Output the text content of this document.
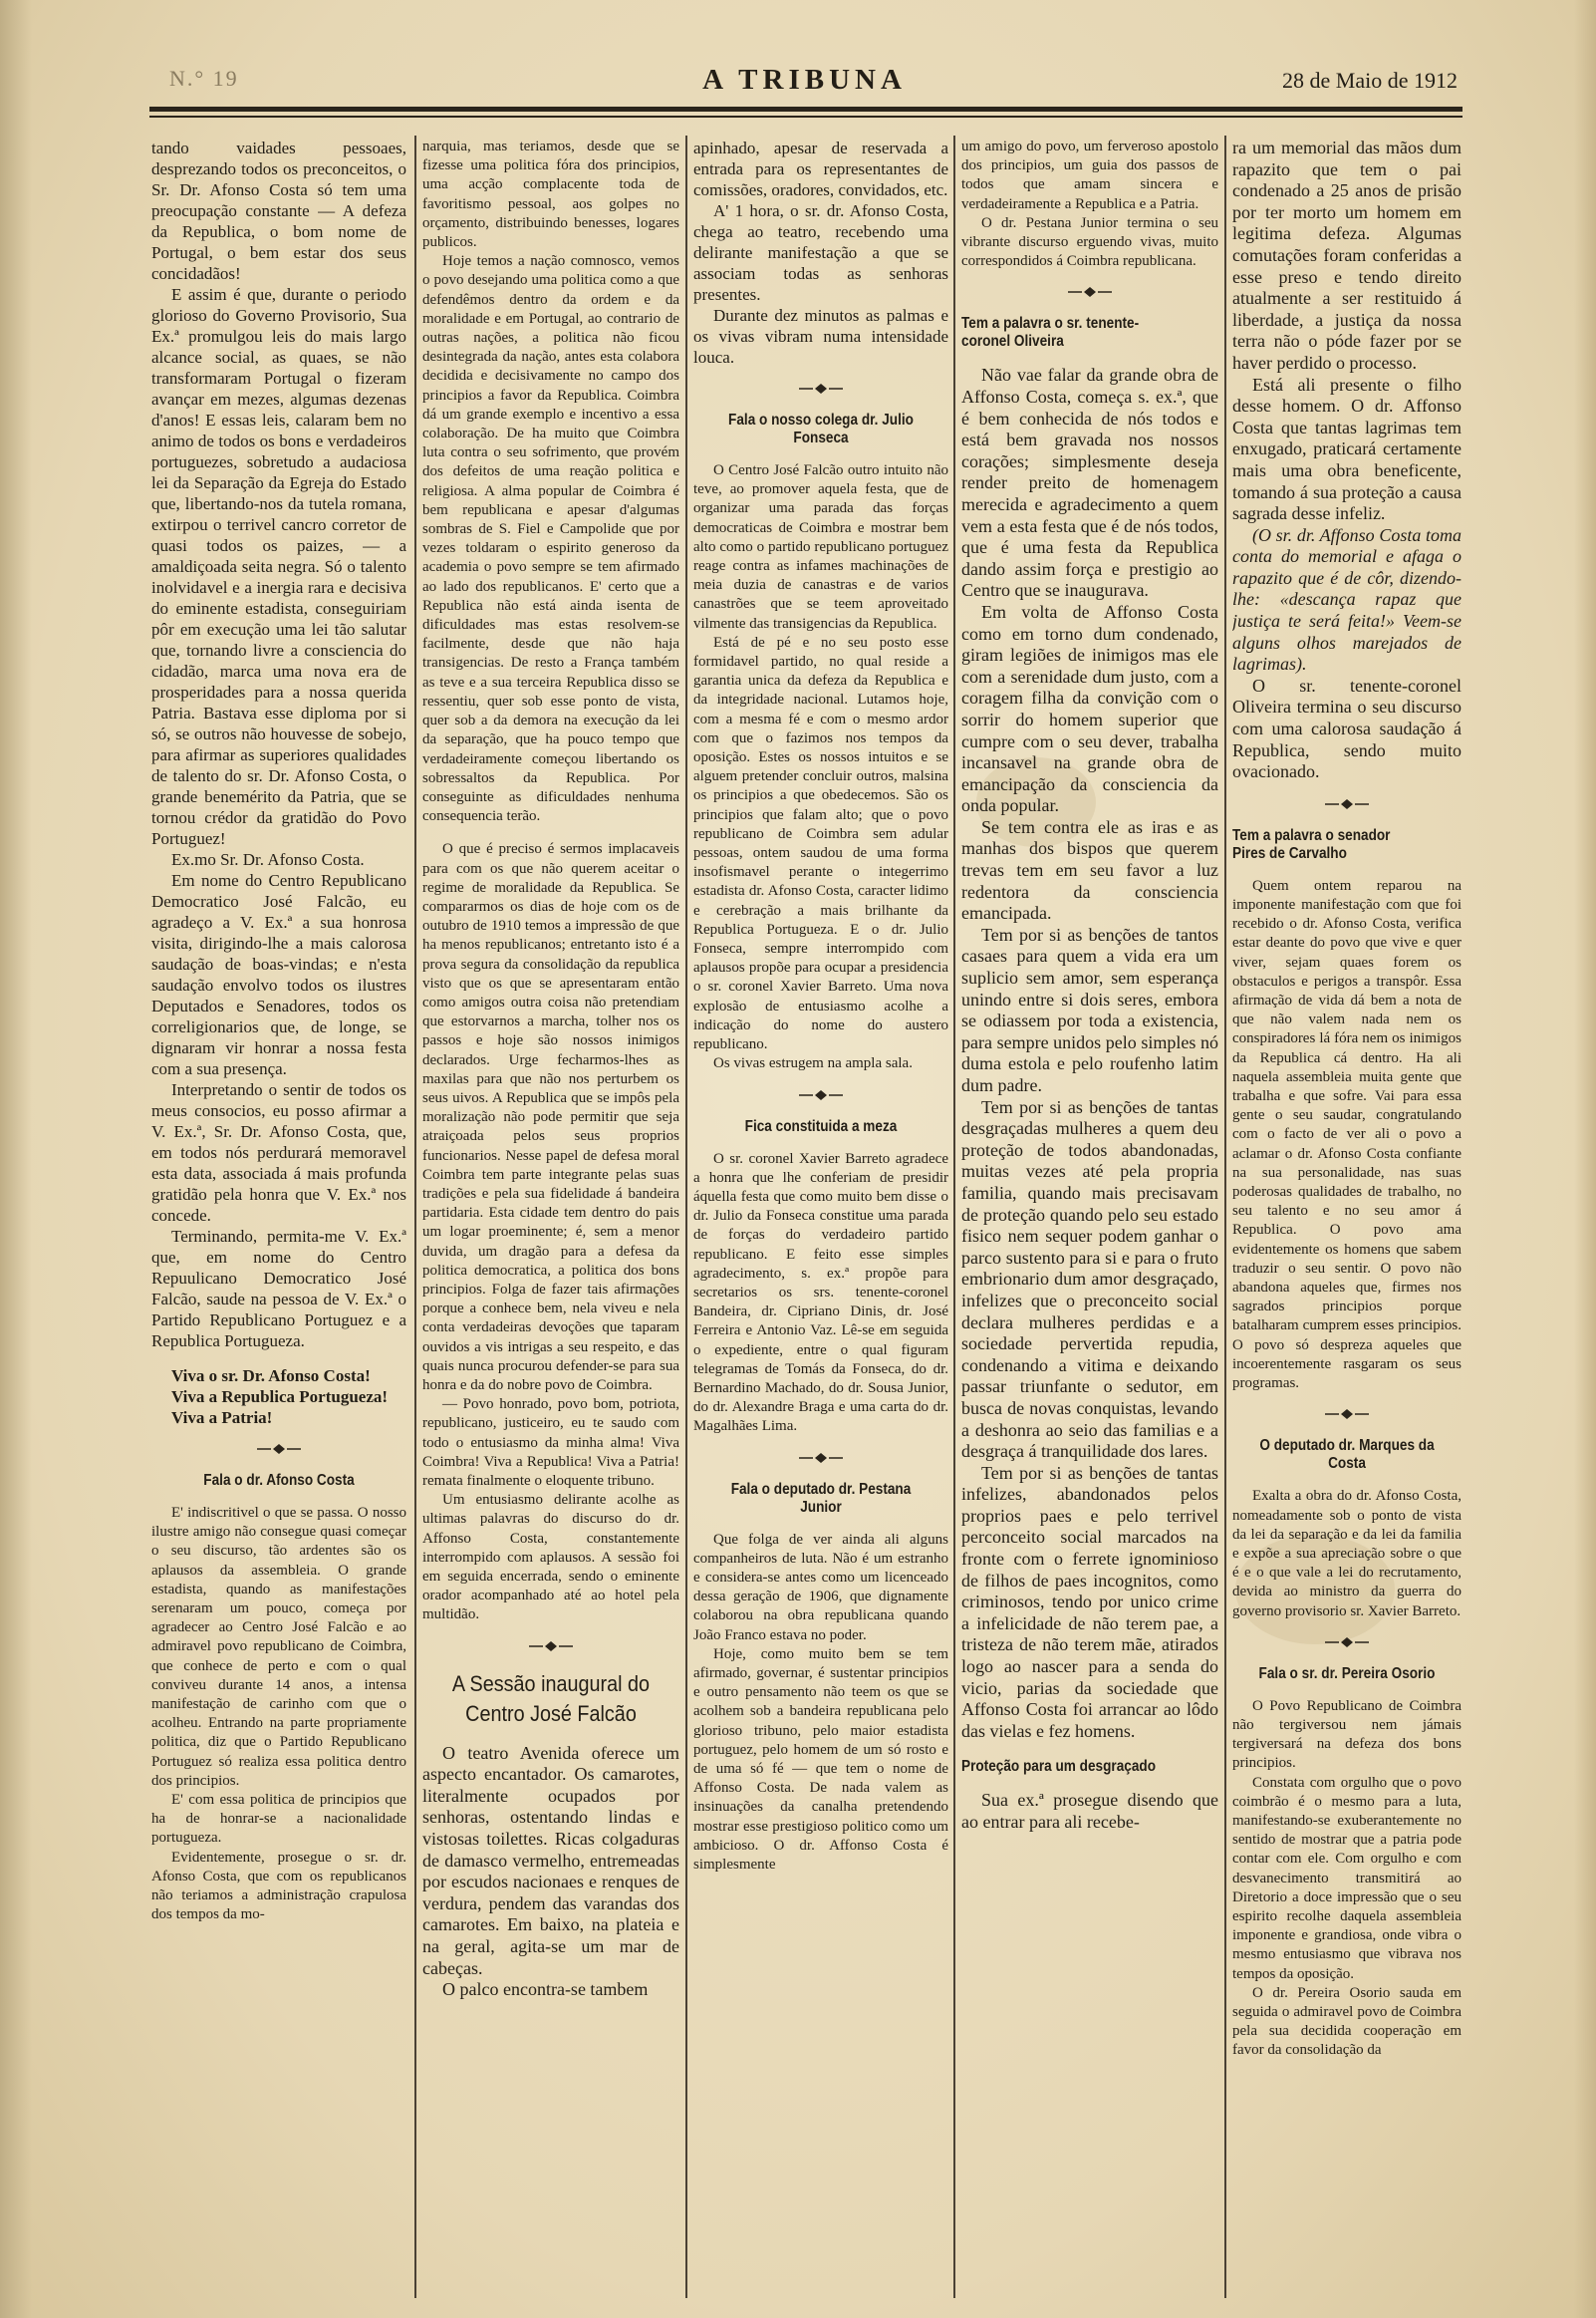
N.° 19	A TRIBUNA	28 de Maio de 1912

tando vaidades pessoaes, desprezando todos os preconceitos, o Sr. Dr. Afonso Costa só tem uma preocupação constante — A defeza da Republica, o bom nome de Portugal, o bem estar dos seus concidadãos!

E assim é que, durante o periodo glorioso do Governo Provisorio, Sua Ex.ª promulgou leis do mais largo alcance social, as quaes, se não transformaram Portugal o fizeram avançar em mezes, algumas dezenas d'anos! E essas leis, calaram bem no animo de todos os bons e verdadeiros portuguezes, sobretudo a audaciosa lei da Separação da Egreja do Estado que, libertando-nos da tutela romana, extirpou o terrivel cancro corretor de quasi todos os paizes, — a amaldiçoada seita negra. Só o talento inolvidavel e a inergia rara e decisiva do eminente estadista, conseguiriam pôr em execução uma lei tão salutar que, tornando livre a consciencia do cidadão, marca uma nova era de prosperidades para a nossa querida Patria. Bastava esse diploma por si só, se outros não houvesse de sobejo, para afirmar as superiores qualidades de talento do sr. Dr. Afonso Costa, o grande benemérito da Patria, que se tornou crédor da gratidão do Povo Portuguez!

Ex.mo Sr. Dr. Afonso Costa.

Em nome do Centro Republicano Democratico José Falcão, eu agradeço a V. Ex.ª a sua honrosa visita, dirigindo-lhe a mais calorosa saudação de boas-vindas; e n'esta saudação envolvo todos os ilustres Deputados e Senadores, todos os correligionarios que, de longe, se dignaram vir honrar a nossa festa com a sua presença.

Interpretando o sentir de todos os meus consocios, eu posso afirmar a V. Ex.ª, Sr. Dr. Afonso Costa, que, em todos nós perdurará memoravel esta data, associada á mais profunda gratidão pela honra que V. Ex.ª nos concede.

Terminando, permita-me V. Ex.ª que, em nome do Centro Repuulicano Democratico José Falcão, saude na pessoa de V. Ex.ª o Partido Republicano Portuguez e a Republica Portugueza.

Viva o sr. Dr. Afonso Costa!

Viva a Republica Portugueza!

Viva a Patria!

Fala o dr. Afonso Costa

E' indiscritivel o que se passa. O nosso ilustre amigo não consegue quasi começar o seu discurso, tão ardentes são os aplausos da assembleia. O grande estadista, quando as manifestações serenaram um pouco, começa por agradecer ao Centro José Falcão e ao admiravel povo republicano de Coimbra, que conhece de perto e com o qual conviveu durante 14 anos, a intensa manifestação de carinho com que o acolheu. Entrando na parte propriamente politica, diz que o Partido Republicano Portuguez só realiza essa politica dentro dos principios.

E' com essa politica de principios que ha de honrar-se a nacionalidade portugueza.

Evidentemente, prosegue o sr. dr. Afonso Costa, que com os republicanos não teriamos a administração crapulosa dos tempos da mo-

narquia, mas teriamos, desde que se fizesse uma politica fóra dos principios, uma acção complacente toda de favoritismo pessoal, aos golpes no orçamento, distribuindo benesses, logares publicos.

Hoje temos a nação comnosco, vemos o povo desejando uma politica como a que defendêmos dentro da ordem e da moralidade e em Portugal, ao contrario de outras nações, a politica não ficou desintegrada da nação, antes esta colabora decidida e decisivamente no campo dos principios a favor da Republica. Coimbra dá um grande exemplo e incentivo a essa colaboração. De ha muito que Coimbra luta contra o seu sofrimento, que provém dos defeitos de uma reação politica e religiosa. A alma popular de Coimbra é bem republicana e apesar d'algumas sombras de S. Fiel e Campolide que por vezes toldaram o espirito generoso da academia o povo sempre se tem afirmado ao lado dos republicanos. E' certo que a Republica não está ainda isenta de dificuldades mas estas resolvem-se facilmente, desde que não haja transigencias. De resto a França também as teve e a sua terceira Republica disso se ressentiu, quer sob esse ponto de vista, quer sob a da demora na execução da lei da separação, que ha pouco tempo que verdadeiramente começou libertando os sobressaltos da Republica. Por conseguinte as dificuldades nenhuma consequencia terão.

O que é preciso é sermos implacaveis para com os que não querem aceitar o regime de moralidade da Republica. Se compararmos os dias de hoje com os de outubro de 1910 temos a impressão de que ha menos republicanos; entretanto isto é a prova segura da consolidação da republica visto que os que se apresentaram então como amigos outra coisa não pretendiam que estorvarnos a marcha, tolher nos os passos e hoje são nossos inimigos declarados. Urge fecharmos-lhes as maxilas para que não nos perturbem os seus uivos. A Republica que se impôs pela moralização não pode permitir que seja atraiçoada pelos seus proprios funcionarios. Nesse papel de defesa moral Coimbra tem parte integrante pelas suas tradições e pela sua fidelidade á bandeira partidaria. Esta cidade tem dentro do pais um logar proeminente; é, sem a menor duvida, um dragão para a defesa da politica democratica, a politica dos bons principios. Folga de fazer tais afirmações porque a conhece bem, nela viveu e nela conta verdadeiras devoções que taparam ouvidos a vis intrigas a seu respeito, e das quais nunca procurou defender-se para sua honra e da do nobre povo de Coimbra.

— Povo honrado, povo bom, potriota, republicano, justiceiro, eu te saudo com todo o entusiasmo da minha alma! Viva Coimbra! Viva a Republica! Viva a Patria! remata finalmente o eloquente tribuno.

Um entusiasmo delirante acolhe as ultimas palavras do discurso do dr. Affonso Costa, constantemente interrompido com aplausos. A sessão foi em seguida encerrada, sendo o eminente orador acompanhado até ao hotel pela multidão.

A Sessão inaugural do Centro José Falcão

O teatro Avenida oferece um aspecto encantador. Os camarotes, literalmente ocupados por senhoras, ostentando lindas e vistosas toilettes. Ricas colgaduras de damasco vermelho, entremeadas por escudos nacionaes e renques de verdura, pendem das varandas dos camarotes. Em baixo, na plateia e na geral, agita-se um mar de cabeças.

O palco encontra-se tambem

apinhado, apesar de reservada a entrada para os representantes de comissões, oradores, convidados, etc.

A' 1 hora, o sr. dr. Afonso Costa, chega ao teatro, recebendo uma delirante manifestação a que se associam todas as senhoras presentes.

Durante dez minutos as palmas e os vivas vibram numa intensidade louca.

Fala o nosso colega dr. Julio Fonseca

O Centro José Falcão outro intuito não teve, ao promover aquela festa, que de organizar uma parada das forças democraticas de Coimbra e mostrar bem alto como o partido republicano portuguez reage contra as infames machinações de meia duzia de canastras e de varios canastrões que se teem aproveitado vilmente das transigencias da Republica.

Está de pé e no seu posto esse formidavel partido, no qual reside a garantia unica da defeza da Republica e da integridade nacional. Lutamos hoje, com a mesma fé e com o mesmo ardor com que o fazimos nos tempos da oposição. Estes os nossos intuitos e se alguem pretender concluir outros, malsina os principios a que obedecemos. São os principios que falam alto; que o povo republicano de Coimbra sem adular pessoas, ontem saudou de uma forma insofismavel perante o integerrimo estadista dr. Afonso Costa, caracter lidimo e cerebração a mais brilhante da Republica Portugueza. E o dr. Julio Fonseca, sempre interrompido com aplausos propõe para ocupar a presidencia o sr. coronel Xavier Barreto. Uma nova explosão de entusiasmo acolhe a indicação do nome do austero republicano.

Os vivas estrugem na ampla sala.

Fica constituida a meza

O sr. coronel Xavier Barreto agradece a honra que lhe conferiam de presidir áquella festa que como muito bem disse o dr. Julio da Fonseca constitue uma parada de forças do verdadeiro partido republicano. E feito esse simples agradecimento, s. ex.ª propõe para secretarios os srs. tenente-coronel Bandeira, dr. Cipriano Dinis, dr. José Ferreira e Antonio Vaz. Lê-se em seguida o expediente, entre o qual figuram telegramas de Tomás da Fonseca, do dr. Bernardino Machado, do dr. Sousa Junior, do dr. Alexandre Braga e uma carta do dr. Magalhães Lima.

Fala o deputado dr. Pestana Junior

Que folga de ver ainda ali alguns companheiros de luta. Não é um estranho e considera-se antes como um licenceado dessa geração de 1906, que dignamente colaborou na obra republicana quando João Franco estava no poder.

Hoje, como muito bem se tem afirmado, governar, é sustentar principios e outro pensamento não teem os que se acolhem sob a bandeira republicana pelo glorioso tribuno, pelo maior estadista portuguez, pelo homem de um só rosto e de uma só fé — que tem o nome de Affonso Costa. De nada valem as insinuações da canalha pretendendo mostrar esse prestigioso politico como um ambicioso. O dr. Affonso Costa é simplesmente

um amigo do povo, um ferveroso apostolo dos principios, um guia dos passos de todos que amam sincera e verdadeiramente a Republica e a Patria.

O dr. Pestana Junior termina o seu vibrante discurso erguendo vivas, muito correspondidos á Coimbra republicana.

Tem a palavra o sr. tenente-coronel Oliveira

Não vae falar da grande obra de Affonso Costa, começa s. ex.ª, que é bem conhecida de nós todos e está bem gravada nos nossos corações; simplesmente deseja render preito de homenagem merecida e agradecimento a quem vem a esta festa que é de nós todos, que é uma festa da Republica dando assim força e prestigio ao Centro que se inaugurava.

Em volta de Affonso Costa como em torno dum condenado, giram legiões de inimigos mas ele com a serenidade dum justo, com a coragem filha da convição com o sorrir do homem superior que cumpre com o seu dever, trabalha incansavel na grande obra de emancipação da consciencia da onda popular.

Se tem contra ele as iras e as manhas dos bispos que querem trevas tem em seu favor a luz redentora da consciencia emancipada.

Tem por si as benções de tantos casaes para quem a vida era um suplicio sem amor, sem esperança unindo entre si dois seres, embora se odiassem por toda a existencia, para sempre unidos pelo simples nó duma estola e pelo roufenho latim dum padre.

Tem por si as benções de tantas desgraçadas mulheres a quem deu proteção de todos abandonadas, muitas vezes até pela propria familia, quando mais precisavam de proteção quando pelo seu estado fisico nem sequer podem ganhar o parco sustento para si e para o fruto embrionario dum amor desgraçado, infelizes que o preconceito social declara mulheres perdidas e a sociedade pervertida repudia, condenando a vitima e deixando passar triunfante o sedutor, em busca de novas conquistas, levando a deshonra ao seio das familias e a desgraça á tranquilidade dos lares.

Tem por si as benções de tantas infelizes, abandonados pelos proprios paes e pelo terrivel perconceito social marcados na fronte com o ferrete ignominioso de filhos de paes incognitos, como criminosos, tendo por unico crime a infelicidade de não terem pae, a tristeza de não terem mãe, atirados logo ao nascer para a senda do vicio, parias da sociedade que Affonso Costa foi arrancar ao lôdo das vielas e fez homens.

Proteção para um desgraçado

Sua ex.ª prosegue disendo que ao entrar para ali recebe-

ra um memorial das mãos dum rapazito que tem o pai condenado a 25 anos de prisão por ter morto um homem em legitima defeza. Algumas comutações foram conferidas a esse preso e tendo direito atualmente a ser restituido á liberdade, a justiça da nossa terra não o póde fazer por se haver perdido o processo.

Está ali presente o filho desse homem. O dr. Affonso Costa que tantas lagrimas tem enxugado, praticará certamente mais uma obra beneficente, tomando á sua proteção a causa sagrada desse infeliz.

(O sr. dr. Affonso Costa toma conta do memorial e afaga o rapazito que é de côr, dizendo-lhe: «descança rapaz que justiça te será feita!» Veem-se alguns olhos marejados de lagrimas).

O sr. tenente-coronel Oliveira termina o seu discurso com uma calorosa saudação á Republica, sendo muito ovacionado.

Tem a palavra o senador Pires de Carvalho

Quem ontem reparou na imponente manifestação com que foi recebido o dr. Afonso Costa, verifica estar deante do povo que vive e quer viver, sejam quaes forem os obstaculos e perigos a transpôr. Essa afirmação de vida dá bem a nota de que não valem nada nem os conspiradores lá fóra nem os inimigos da Republica cá dentro. Ha ali naquela assembleia muita gente que trabalha e que sofre. Vai para essa gente o seu saudar, congratulando com o facto de ver ali o povo a aclamar o dr. Afonso Costa confiante na sua personalidade, nas suas poderosas qualidades de trabalho, no seu talento e no seu amor á Republica. O povo ama evidentemente os homens que sabem traduzir o seu sentir. O povo não abandona aqueles que, firmes nos sagrados principios porque batalharam cumprem esses principios. O povo só despreza aqueles que incoerentemente rasgaram os seus programas.

O deputado dr. Marques da Costa

Exalta a obra do dr. Afonso Costa, nomeadamente sob o ponto de vista da lei da separação e da lei da familia e expõe a sua apreciação sobre o que é e o que vale a lei do recrutamento, devida ao ministro da guerra do governo provisorio sr. Xavier Barreto.

Fala o sr. dr. Pereira Osorio

O Povo Republicano de Coimbra não tergiversou nem jámais tergiversará na defeza dos bons principios.

Constata com orgulho que o povo coimbrão é o mesmo para a luta, manifestando-se exuberantemente no sentido de mostrar que a patria pode contar com ele. Com orgulho e com desvanecimento transmitirá ao Diretorio a doce impressão que o seu espirito recolhe daquela assembleia imponente e grandiosa, onde vibra o mesmo entusiasmo que vibrava nos tempos da oposição.

O dr. Pereira Osorio sauda em seguida o admiravel povo de Coimbra pela sua decidida cooperação em favor da consolidação da
